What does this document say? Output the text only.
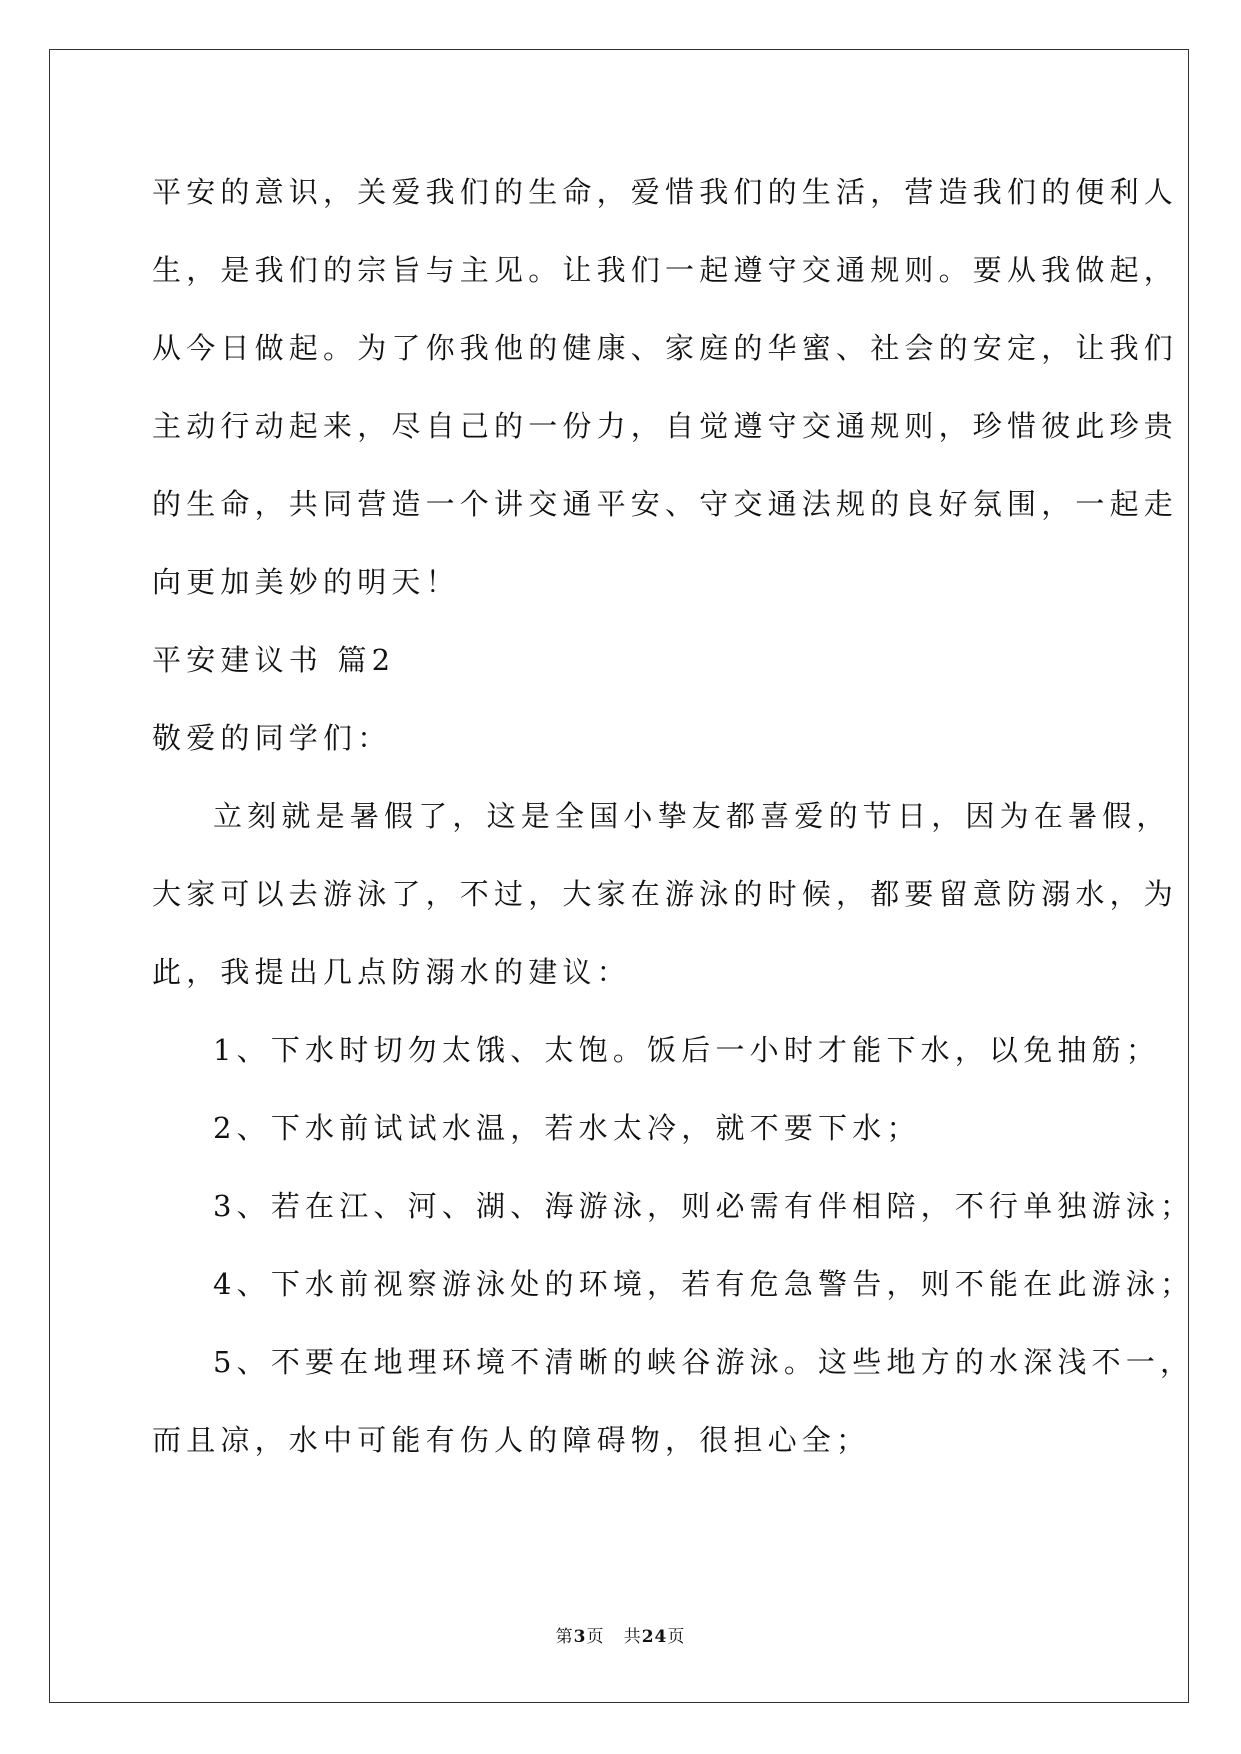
平安的意识，关爱我们的生命，爱惜我们的生活，营造我们的便利人
生，是我们的宗旨与主见。让我们一起遵守交通规则。要从我做起，
从今日做起。为了你我他的健康、家庭的华蜜、社会的安定，让我们
主动行动起来，尽自己的一份力，自觉遵守交通规则，珍惜彼此珍贵
的生命，共同营造一个讲交通平安、守交通法规的良好氛围，一起走
向更加美妙的明天！
平安建议书 篇2
敬爱的同学们：
立刻就是暑假了，这是全国小挚友都喜爱的节日，因为在暑假，
大家可以去游泳了，不过，大家在游泳的时候，都要留意防溺水，为
此，我提出几点防溺水的建议：
1、下水时切勿太饿、太饱。饭后一小时才能下水，以免抽筋；
2、下水前试试水温，若水太冷，就不要下水；
3、若在江、河、湖、海游泳，则必需有伴相陪，不行单独游泳；
4、下水前视察游泳处的环境，若有危急警告，则不能在此游泳；
5、不要在地理环境不清晰的峡谷游泳。这些地方的水深浅不一，
而且凉，水中可能有伤人的障碍物，很担心全；
第3页 共24页
